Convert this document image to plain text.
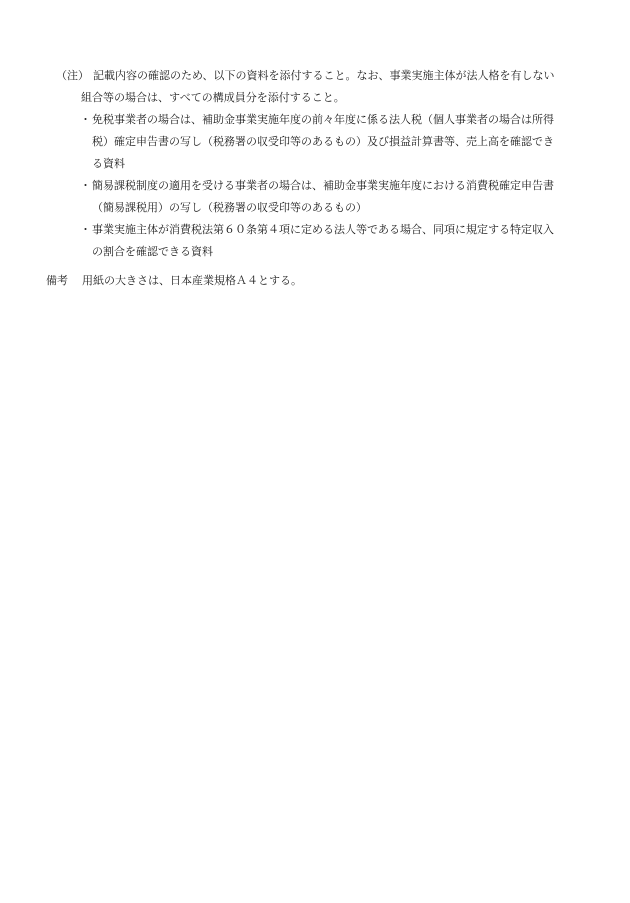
（注） 記載内容の確認のため、以下の資料を添付すること。なお、事業実施主体が法人格を有しない
組合等の場合は、すべての構成員分を添付すること。
・ 免税事業者の場合は、補助金事業実施年度の前々年度に係る法人税（個人事業者の場合は所得
税）確定申告書の写し（税務署の収受印等のあるもの）及び損益計算書等、売上高を確認でき
る資料
・ 簡易課税制度の適用を受ける事業者の場合は、補助金事業実施年度における消費税確定申告書
（簡易課税用）の写し（税務署の収受印等のあるもの）
・ 事業実施主体が消費税法第６０条第４項に定める法人等である場合、同項に規定する特定収入
の割合を確認できる資料
備考 用紙の大きさは、日本産業規格Ａ４とする。
